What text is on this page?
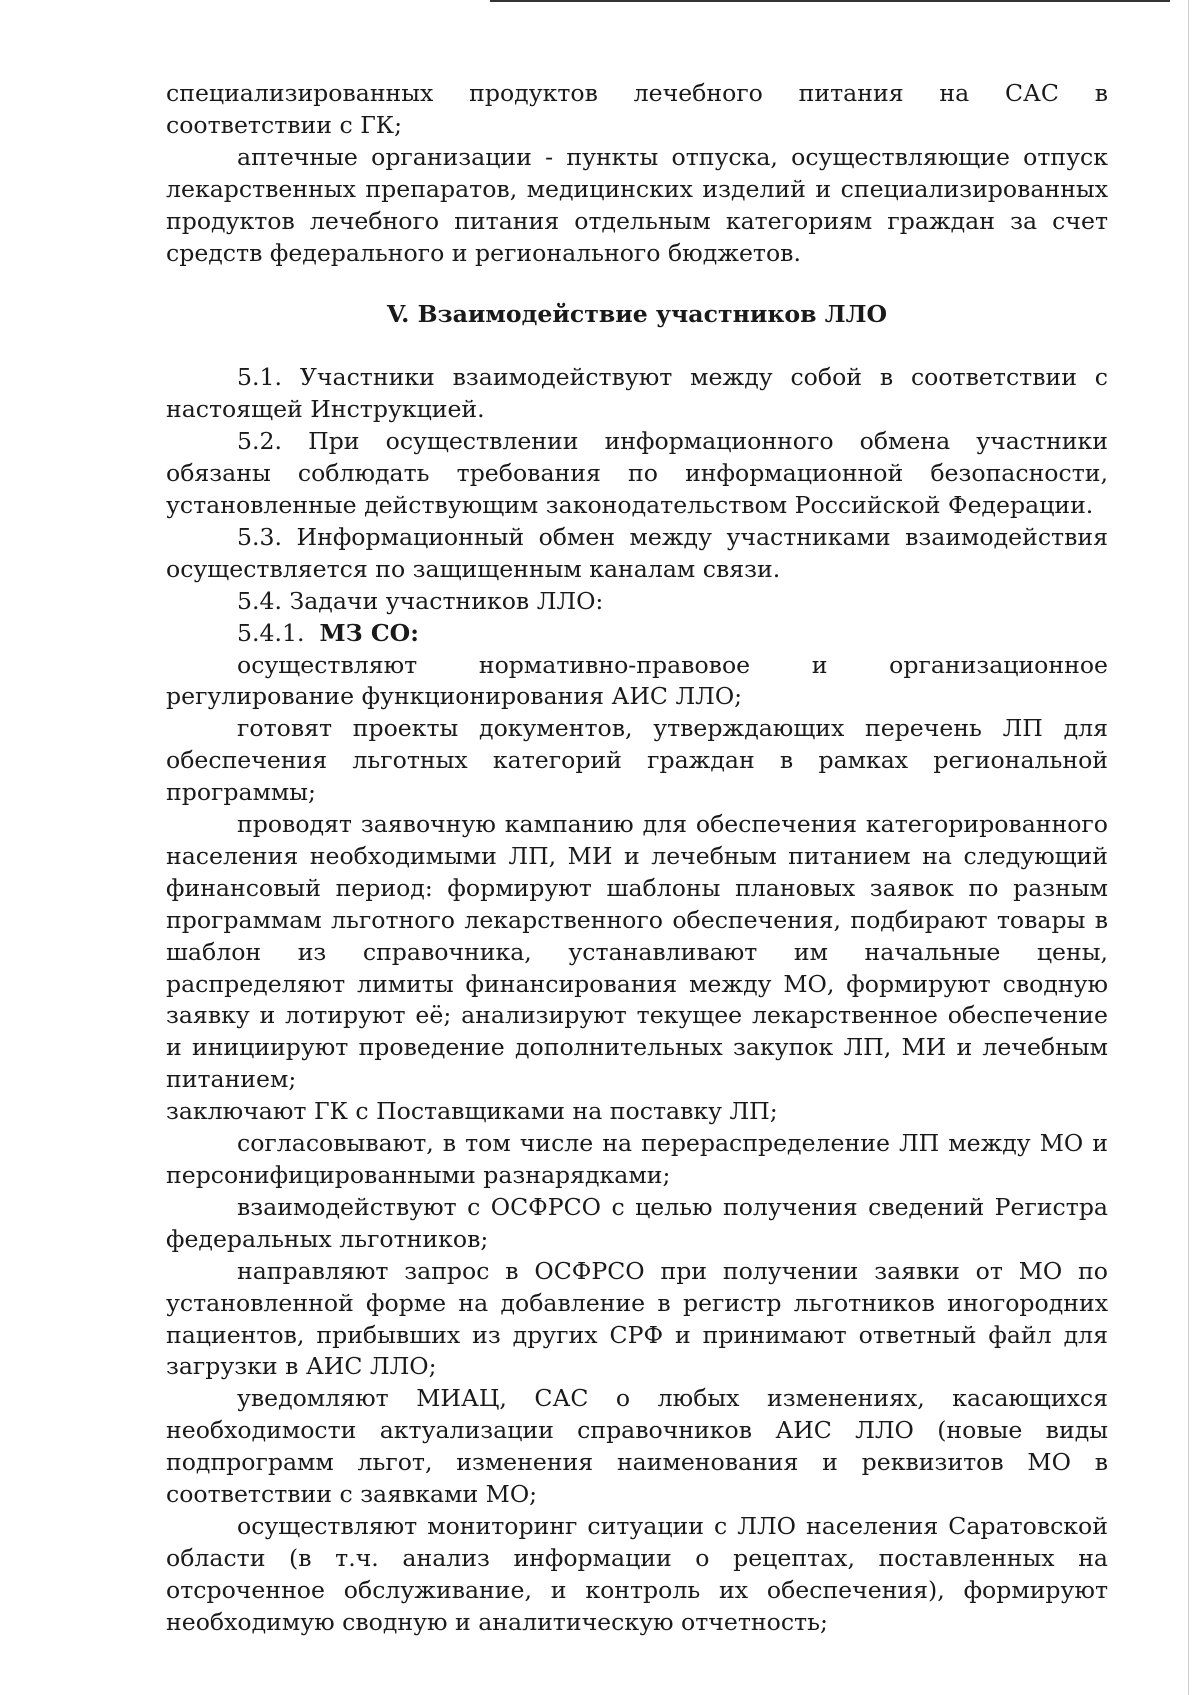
специализированных продуктов лечебного питания на САС в соответствии с ГК;

аптечные организации - пункты отпуска, осуществляющие отпуск лекарственных препаратов, медицинских изделий и специализированных продуктов лечебного питания отдельным категориям граждан за счет средств федерального и регионального бюджетов.

V. Взаимодействие участников ЛЛО

5.1. Участники взаимодействуют между собой в соответствии с настоящей Инструкцией.

5.2. При осуществлении информационного обмена участники обязаны соблюдать требования по информационной безопасности, установленные действующим законодательством Российской Федерации.

5.3. Информационный обмен между участниками взаимодействия осуществляется по защищенным каналам связи.

5.4. Задачи участников ЛЛО:

5.4.1. МЗ СО:

осуществляют нормативно-правовое и организационное регулирование функционирования АИС ЛЛО;

готовят проекты документов, утверждающих перечень ЛП для обеспечения льготных категорий граждан в рамках региональной программы;

проводят заявочную кампанию для обеспечения категорированного населения необходимыми ЛП, МИ и лечебным питанием на следующий финансовый период: формируют шаблоны плановых заявок по разным программам льготного лекарственного обеспечения, подбирают товары в шаблон из справочника, устанавливают им начальные цены, распределяют лимиты финансирования между МО, формируют сводную заявку и лотируют её; анализируют текущее лекарственное обеспечение и инициируют проведение дополнительных закупок ЛП, МИ и лечебным питанием;

заключают ГК с Поставщиками на поставку ЛП;

согласовывают, в том числе на перераспределение ЛП между МО и персонифицированными разнарядками;

взаимодействуют с ОСФРСО с целью получения сведений Регистра федеральных льготников;

направляют запрос в ОСФРСО при получении заявки от МО по установленной форме на добавление в регистр льготников иногородних пациентов, прибывших из других СРФ и принимают ответный файл для загрузки в АИС ЛЛО;

уведомляют МИАЦ, САС о любых изменениях, касающихся необходимости актуализации справочников АИС ЛЛО (новые виды подпрограмм льгот, изменения наименования и реквизитов МО в соответствии с заявками МО;

осуществляют мониторинг ситуации с ЛЛО населения Саратовской области (в т.ч. анализ информации о рецептах, поставленных на отсроченное обслуживание, и контроль их обеспечения), формируют необходимую сводную и аналитическую отчетность;
